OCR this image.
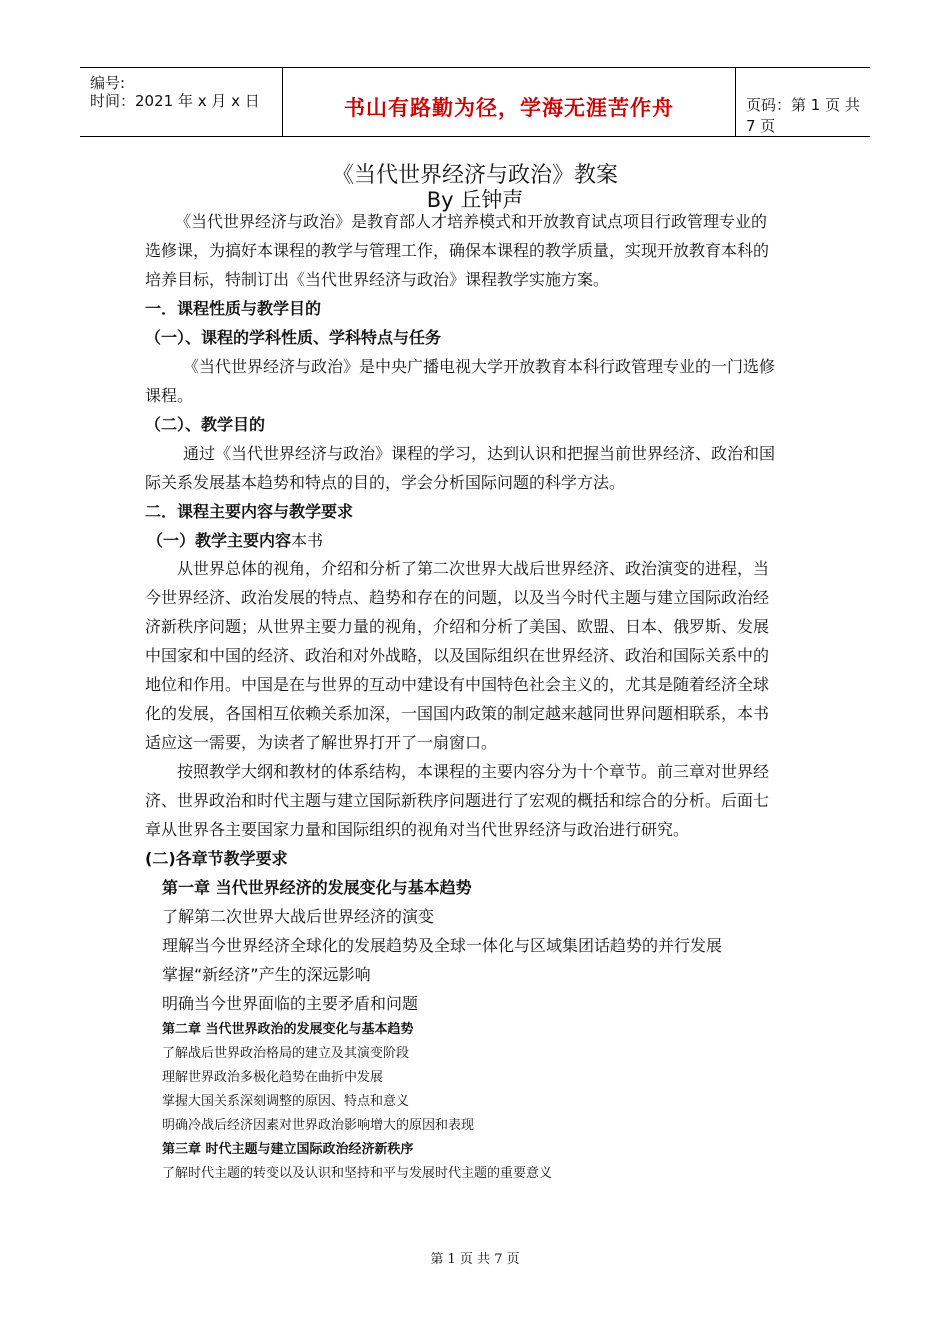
编号:
时间：2021 年 x 月 x 日	书山有路勤为径，学海无涯苦作舟	页码：第 1 页 共 7 页
《当代世界经济与政治》教案
By 丘钟声
《当代世界经济与政治》是教育部人才培养模式和开放教育试点项目行政管理专业的
选修课，为搞好本课程的教学与管理工作，确保本课程的教学质量，实现开放教育本科的
培养目标，特制订出《当代世界经济与政治》课程教学实施方案。
一．课程性质与教学目的
（一）、课程的学科性质、学科特点与任务
《当代世界经济与政治》是中央广播电视大学开放教育本科行政管理专业的一门选修
课程。
（二）、教学目的
通过《当代世界经济与政治》课程的学习，达到认识和把握当前世界经济、政治和国
际关系发展基本趋势和特点的目的，学会分析国际问题的科学方法。
二．课程主要内容与教学要求
（一）教学主要内容本书
从世界总体的视角，介绍和分析了第二次世界大战后世界经济、政治演变的进程，当
今世界经济、政治发展的特点、趋势和存在的问题，以及当今时代主题与建立国际政治经
济新秩序问题；从世界主要力量的视角，介绍和分析了美国、欧盟、日本、俄罗斯、发展
中国家和中国的经济、政治和对外战略，以及国际组织在世界经济、政治和国际关系中的
地位和作用。中国是在与世界的互动中建设有中国特色社会主义的，尤其是随着经济全球
化的发展，各国相互依赖关系加深，一国国内政策的制定越来越同世界问题相联系，本书
适应这一需要，为读者了解世界打开了一扇窗口。
按照教学大纲和教材的体系结构，本课程的主要内容分为十个章节。前三章对世界经
济、世界政治和时代主题与建立国际新秩序问题进行了宏观的概括和综合的分析。后面七
章从世界各主要国家力量和国际组织的视角对当代世界经济与政治进行研究。
(二)各章节教学要求
第一章 当代世界经济的发展变化与基本趋势
了解第二次世界大战后世界经济的演变
理解当今世界经济全球化的发展趋势及全球一体化与区域集团话趋势的并行发展
掌握“新经济”产生的深远影响
明确当今世界面临的主要矛盾和问题
第二章 当代世界政治的发展变化与基本趋势
了解战后世界政治格局的建立及其演变阶段
理解世界政治多极化趋势在曲折中发展
掌握大国关系深刻调整的原因、特点和意义
明确冷战后经济因素对世界政治影响增大的原因和表现
第三章 时代主题与建立国际政治经济新秩序
了解时代主题的转变以及认识和坚持和平与发展时代主题的重要意义
第 1 页 共 7 页
